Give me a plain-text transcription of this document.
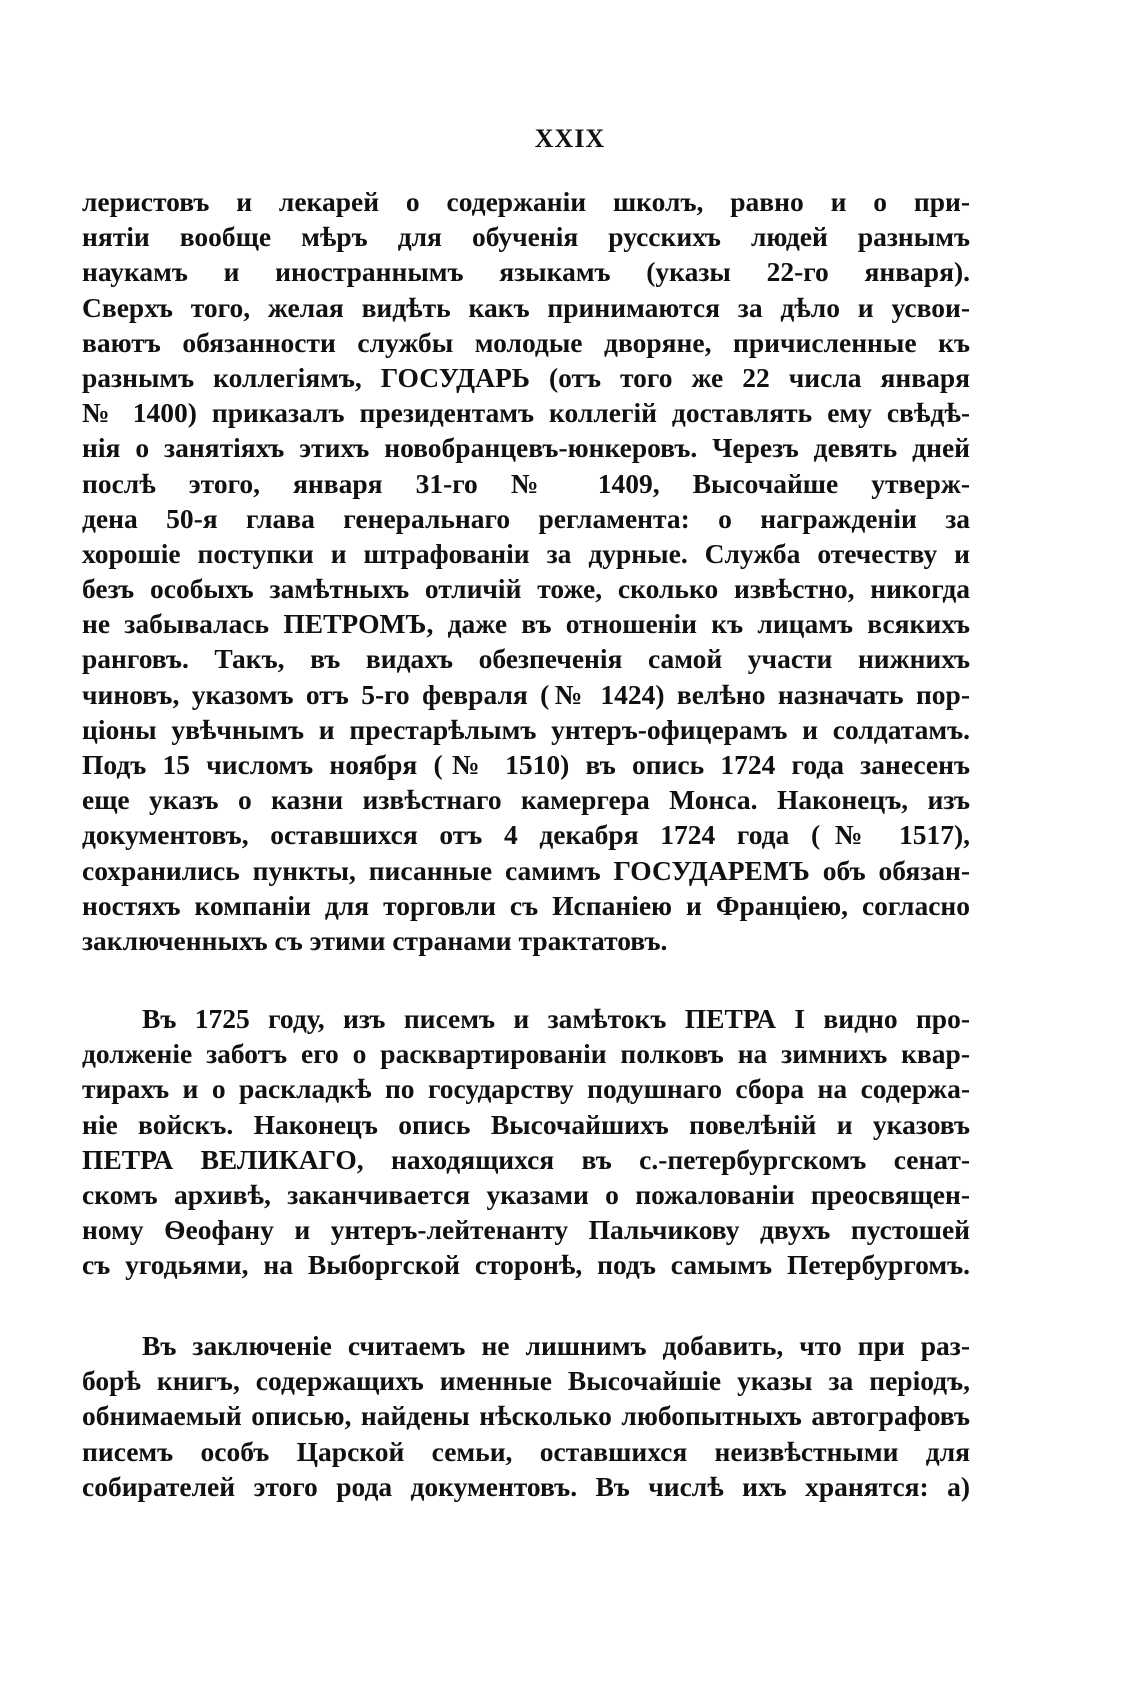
XXIX
леристовъ и лекарей о содержанiи школъ, равно и о при-
нятiи вообще мѣръ для обученiя русскихъ людей разнымъ
наукамъ и иностраннымъ языкамъ (указы 22-го января).
Сверхъ того, желая видѣть какъ принимаются за дѣло и усвои-
ваютъ обязанности службы молодые дворяне, причисленные къ
разнымъ коллегiямъ, ГОСУДАРЬ (отъ того же 22 числа января
№ 1400) приказалъ президентамъ коллегiй доставлять ему свѣдѣ-
нiя о занятiяхъ этихъ новобранцевъ-юнкеровъ. Черезъ девять дней
послѣ этого, января 31-го № 1409, Высочайше утверж-
дена 50-я глава генеральнаго регламента: о награжденiи за
хорошiе поступки и штрафованiи за дурные. Служба отечеству и
безъ особыхъ замѣтныхъ отличiй тоже, сколько извѣстно, никогда
не забывалась ПЕТРОМЪ, даже въ отношенiи къ лицамъ всякихъ
ранговъ. Такъ, въ видахъ обезпеченiя самой участи нижнихъ
чиновъ, указомъ отъ 5-го февраля (№ 1424) велѣно назначать пор-
цiоны увѣчнымъ и престарѣлымъ унтеръ-офицерамъ и солдатамъ.
Подъ 15 числомъ ноября (№ 1510) въ опись 1724 года занесенъ
еще указъ о казни извѣстнаго камергера Монса. Наконецъ, изъ
документовъ, оставшихся отъ 4 декабря 1724 года (№ 1517),
сохранились пункты, писанные самимъ ГОСУДАРЕМЪ объ обязан-
ностяхъ компанiи для торговли съ Испанiею и Францiею, согласно
заключенныхъ съ этими странами трактатовъ.
Въ 1725 году, изъ писемъ и замѣтокъ ПЕТРА I видно про-
долженiе заботъ его о расквартированiи полковъ на зимнихъ квар-
тирахъ и о раскладкѣ по государству подушнаго сбора на содержа-
нiе войскъ. Наконецъ опись Высочайшихъ повелѣнiй и указовъ
ПЕТРА ВЕЛИКАГО, находящихся въ с.-петербургскомъ сенат-
скомъ архивѣ, заканчивается указами о пожалованiи преосвящен-
ному Ѳеофану и унтеръ-лейтенанту Пальчикову двухъ пустошей
съ угодьями, на Выборгской сторонѣ, подъ самымъ Петербургомъ.
Въ заключенiе считаемъ не лишнимъ добавить, что при раз-
борѣ книгъ, содержащихъ именные Высочайшiе указы за перiодъ,
обнимаемый описью, найдены нѣсколько любопытныхъ автографовъ
писемъ особъ Царской семьи, оставшихся неизвѣстными для
собирателей этого рода документовъ. Въ числѣ ихъ хранятся: а)
